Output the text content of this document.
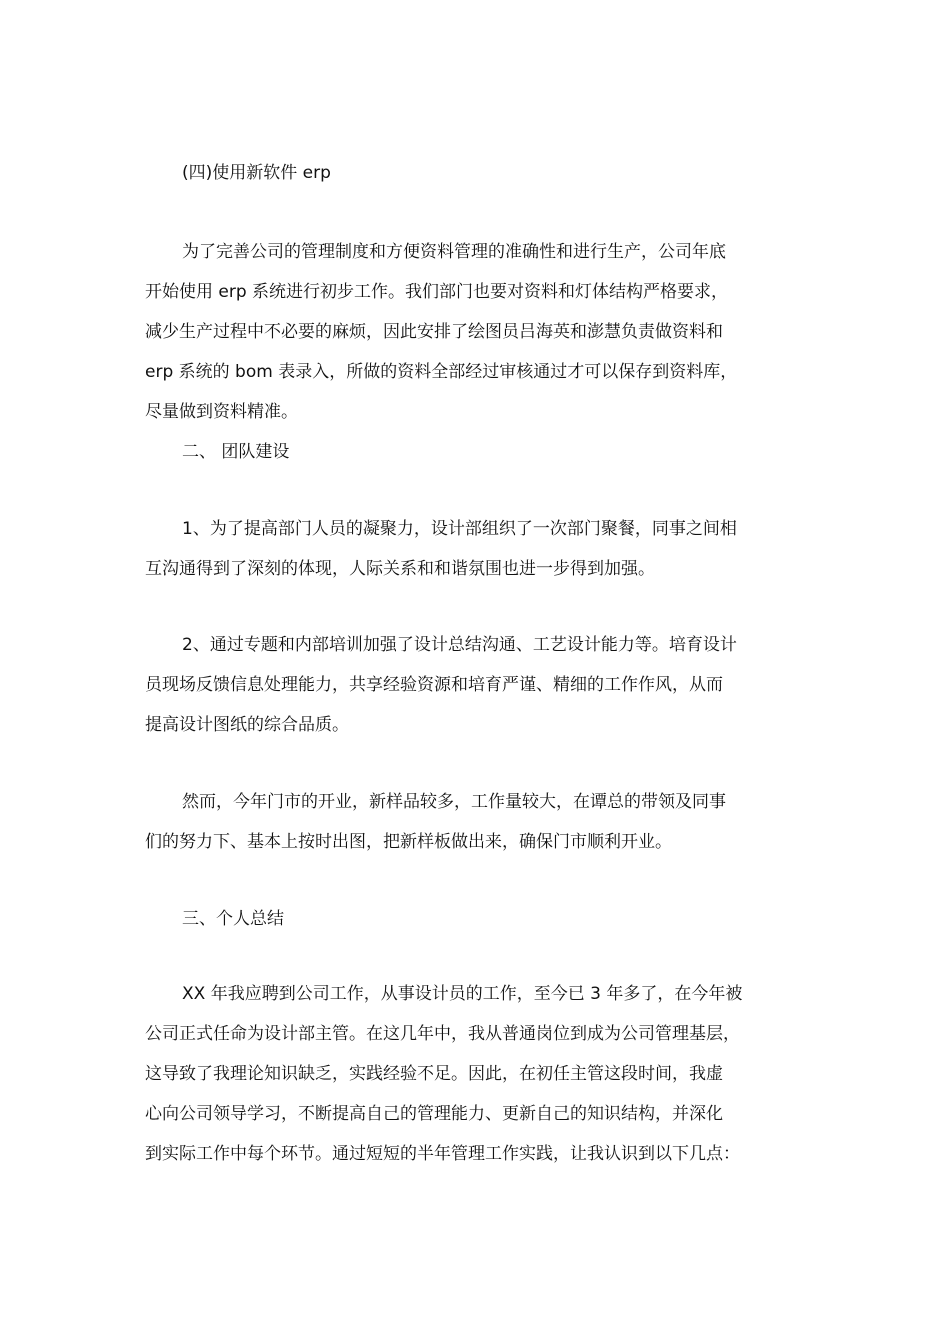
(四)使用新软件 erp
为了完善公司的管理制度和方便资料管理的准确性和进行生产，公司年底
开始使用 erp 系统进行初步工作。我们部门也要对资料和灯体结构严格要求，
减少生产过程中不必要的麻烦，因此安排了绘图员吕海英和澎慧负责做资料和
erp 系统的 bom 表录入，所做的资料全部经过审核通过才可以保存到资料库，
尽量做到资料精准。
二、 团队建设
1、为了提高部门人员的凝聚力，设计部组织了一次部门聚餐，同事之间相
互沟通得到了深刻的体现，人际关系和和谐氛围也进一步得到加强。
2、通过专题和内部培训加强了设计总结沟通、工艺设计能力等。培育设计
员现场反馈信息处理能力，共享经验资源和培育严谨、精细的工作作风，从而
提高设计图纸的综合品质。
然而，今年门市的开业，新样品较多，工作量较大，在谭总的带领及同事
们的努力下、基本上按时出图，把新样板做出来，确保门市顺利开业。
三、个人总结
XX 年我应聘到公司工作，从事设计员的工作，至今已 3 年多了，在今年被
公司正式任命为设计部主管。在这几年中，我从普通岗位到成为公司管理基层，
这导致了我理论知识缺乏，实践经验不足。因此，在初任主管这段时间，我虚
心向公司领导学习，不断提高自己的管理能力、更新自己的知识结构，并深化
到实际工作中每个环节。通过短短的半年管理工作实践，让我认识到以下几点：
